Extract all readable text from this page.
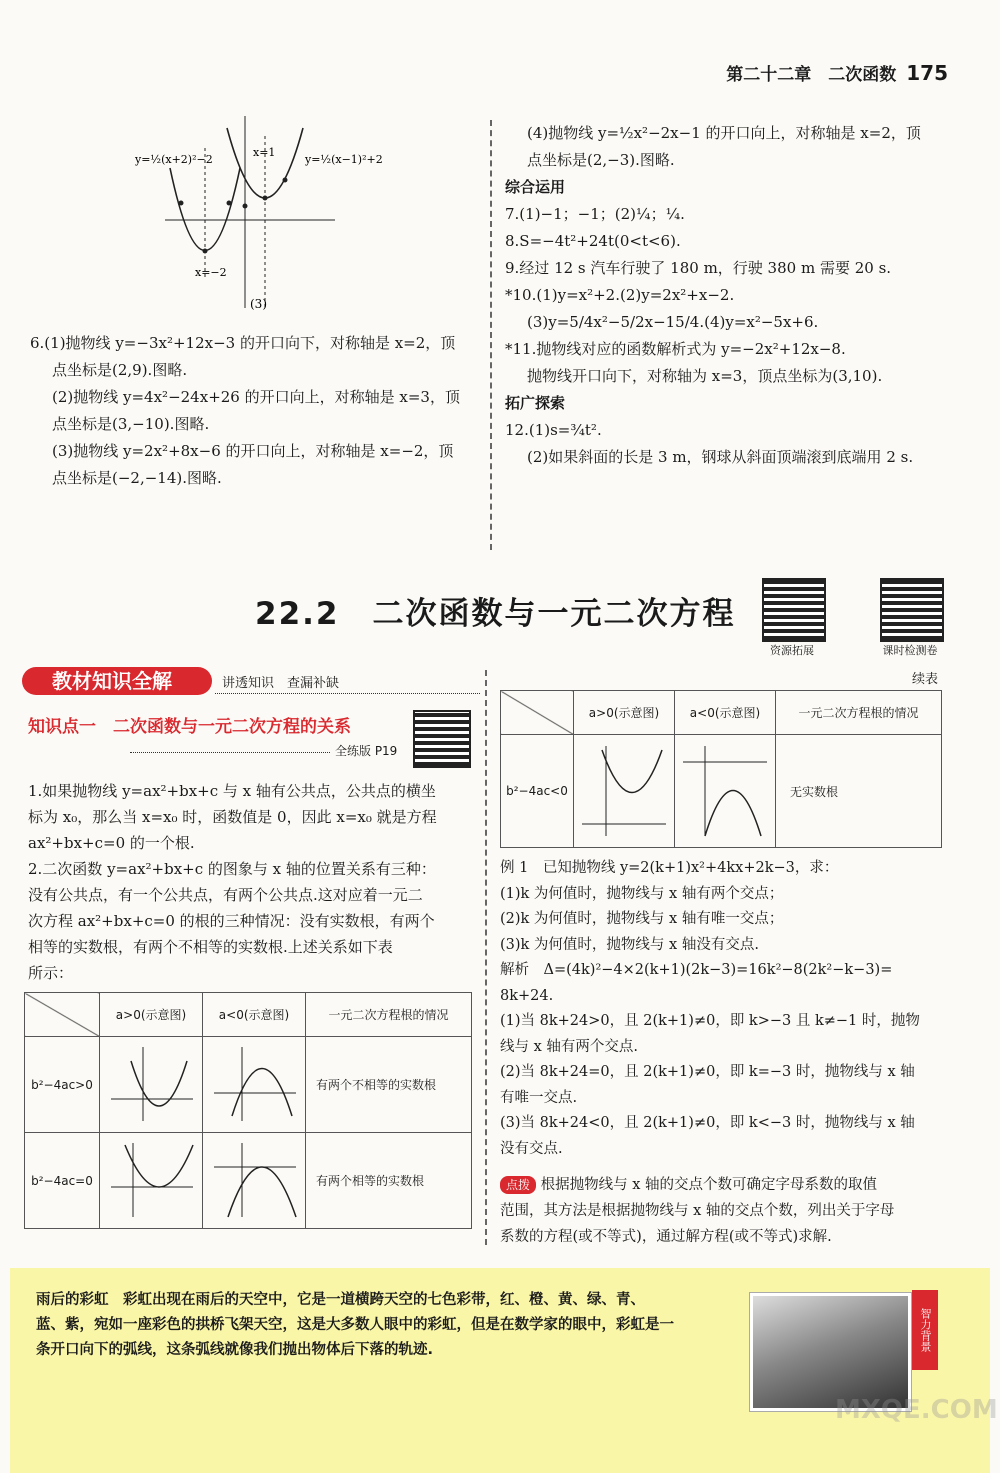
第二十二章　二次函数 175
y=½(x+2)²−2	y=½(x−1)²+2
x=1
x=−2
(3)

6.(1)抛物线 y=−3x²+12x−3 的开口向下，对称轴是 x=2，顶

点坐标是(2,9).图略.

(2)抛物线 y=4x²−24x+26 的开口向上，对称轴是 x=3，顶

点坐标是(3,−10).图略.

(3)抛物线 y=2x²+8x−6 的开口向上，对称轴是 x=−2，顶

点坐标是(−2,−14).图略.

(4)抛物线 y=½x²−2x−1 的开口向上，对称轴是 x=2，顶

点坐标是(2,−3).图略.

综合运用

7.(1)−1；−1；(2)¼；¼.

8.S=−4t²+24t(0<t<6).

9.经过 12 s 汽车行驶了 180 m，行驶 380 m 需要 20 s.

*10.(1)y=x²+2.(2)y=2x²+x−2.

(3)y=5/4x²−5/2x−15/4.(4)y=x²−5x+6.

*11.抛物线对应的函数解析式为 y=−2x²+12x−8.

抛物线开口向下，对称轴为 x=3，顶点坐标为(3,10).

拓广探索

12.(1)s=¾t².

(2)如果斜面的长是 3 m，钢球从斜面顶端滚到底端用 2 s.

22.2　二次函数与一元二次方程
资源拓展	课时检测卷
教材知识全解	讲透知识　查漏补缺
知识点一　二次函数与一元二次方程的关系
全练版 P19

1.如果抛物线 y=ax²+bx+c 与 x 轴有公共点，公共点的横坐

标为 x₀，那么当 x=x₀ 时，函数值是 0，因此 x=x₀ 就是方程

ax²+bx+c=0 的一个根.

2.二次函数 y=ax²+bx+c 的图象与 x 轴的位置关系有三种：

没有公共点，有一个公共点，有两个公共点.这对应着一元二

次方程 ax²+bx+c=0 的根的三种情况：没有实数根，有两个

相等的实数根，有两个不相等的实数根.上述关系如下表

所示：

	a>0(示意图)	a<0(示意图)	一元二次方程根的情况
b²−4ac>0			有两个不相等的实数根
b²−4ac=0			有两个相等的实数根
续表
	a>0(示意图)	a<0(示意图)	一元二次方程根的情况
b²−4ac<0			无实数根

例 1　已知抛物线 y=2(k+1)x²+4kx+2k−3，求：

(1)k 为何值时，抛物线与 x 轴有两个交点；

(2)k 为何值时，抛物线与 x 轴有唯一交点；

(3)k 为何值时，抛物线与 x 轴没有交点.

解析　Δ=(4k)²−4×2(k+1)(2k−3)=16k²−8(2k²−k−3)=

8k+24.

(1)当 8k+24>0，且 2(k+1)≠0，即 k>−3 且 k≠−1 时，抛物

线与 x 轴有两个交点.

(2)当 8k+24=0，且 2(k+1)≠0，即 k=−3 时，抛物线与 x 轴

有唯一交点.

(3)当 8k+24<0，且 2(k+1)≠0，即 k<−3 时，抛物线与 x 轴

没有交点.

点拨 根据抛物线与 x 轴的交点个数可确定字母系数的取值

范围，其方法是根据抛物线与 x 轴的交点个数，列出关于字母

系数的方程(或不等式)，通过解方程(或不等式)求解.

雨后的彩虹　彩虹出现在雨后的天空中，它是一道横跨天空的七色彩带，红、橙、黄、绿、青、
蓝、紫，宛如一座彩色的拱桥飞架天空，这是大多数人眼中的彩虹，但是在数学家的眼中，彩虹是一
条开口向下的弧线，这条弧线就像我们抛出物体后下落的轨迹.	智力背景
MXQE.COM
